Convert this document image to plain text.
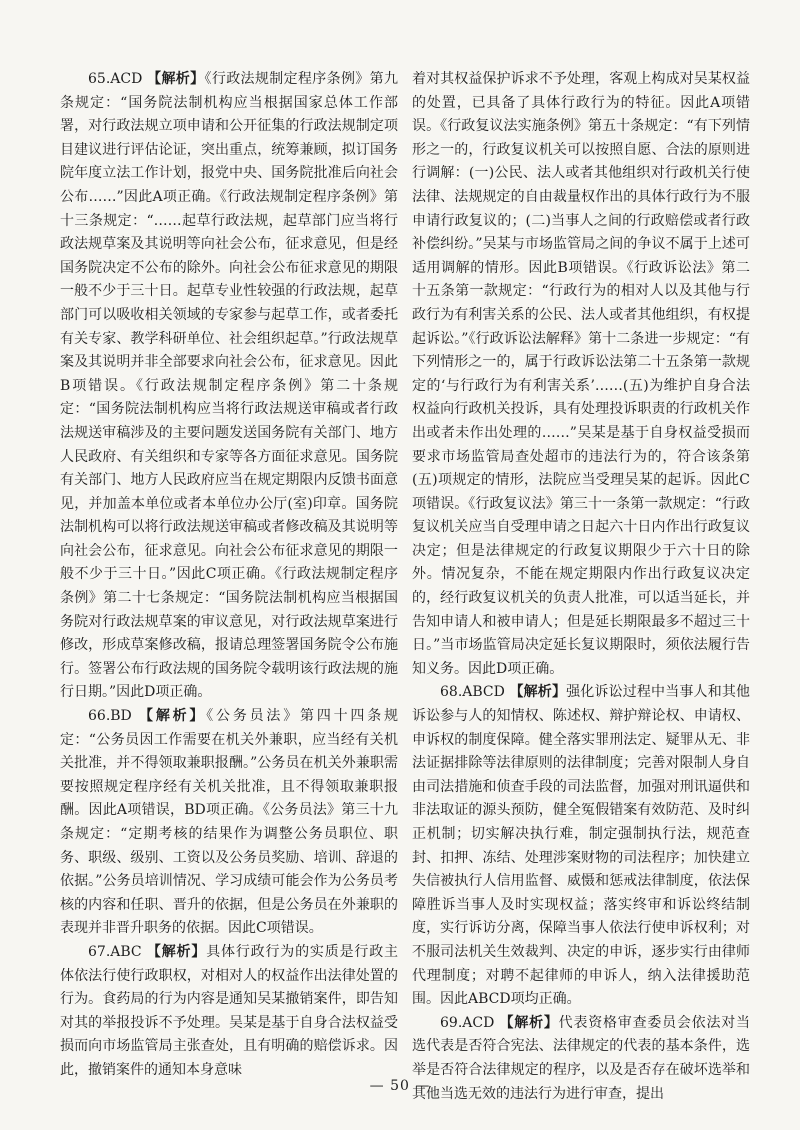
65.ACD 【解析】《行政法规制定程序条例》第九条规定：“国务院法制机构应当根据国家总体工作部署，对行政法规立项申请和公开征集的行政法规制定项目建议进行评估论证，突出重点，统筹兼顾，拟订国务院年度立法工作计划，报党中央、国务院批准后向社会公布……”因此A项正确。《行政法规制定程序条例》第十三条规定：“……起草行政法规，起草部门应当将行政法规草案及其说明等向社会公布，征求意见，但是经国务院决定不公布的除外。向社会公布征求意见的期限一般不少于三十日。起草专业性较强的行政法规，起草部门可以吸收相关领域的专家参与起草工作，或者委托有关专家、教学科研单位、社会组织起草。”行政法规草案及其说明并非全部要求向社会公布，征求意见。因此B项错误。《行政法规制定程序条例》第二十条规定：“国务院法制机构应当将行政法规送审稿或者行政法规送审稿涉及的主要问题发送国务院有关部门、地方人民政府、有关组织和专家等各方面征求意见。国务院有关部门、地方人民政府应当在规定期限内反馈书面意见，并加盖本单位或者本单位办公厅(室)印章。国务院法制机构可以将行政法规送审稿或者修改稿及其说明等向社会公布，征求意见。向社会公布征求意见的期限一般不少于三十日。”因此C项正确。《行政法规制定程序条例》第二十七条规定：“国务院法制机构应当根据国务院对行政法规草案的审议意见，对行政法规草案进行修改，形成草案修改稿，报请总理签署国务院令公布施行。签署公布行政法规的国务院令载明该行政法规的施行日期。”因此D项正确。

66.BD 【解析】《公务员法》第四十四条规定：“公务员因工作需要在机关外兼职，应当经有关机关批准，并不得领取兼职报酬。”公务员在机关外兼职需要按照规定程序经有关机关批准，且不得领取兼职报酬。因此A项错误，BD项正确。《公务员法》第三十九条规定：“定期考核的结果作为调整公务员职位、职务、职级、级别、工资以及公务员奖励、培训、辞退的依据。”公务员培训情况、学习成绩可能会作为公务员考核的内容和任职、晋升的依据，但是公务员在外兼职的表现并非晋升职务的依据。因此C项错误。

67.ABC 【解析】具体行政行为的实质是行政主体依法行使行政职权，对相对人的权益作出法律处置的行为。食药局的行为内容是通知吴某撤销案件，即告知对其的举报投诉不予处理。吴某是基于自身合法权益受损而向市场监管局主张查处，且有明确的赔偿诉求。因此，撤销案件的通知本身意味

着对其权益保护诉求不予处理，客观上构成对吴某权益的处置，已具备了具体行政行为的特征。因此A项错误。《行政复议法实施条例》第五十条规定：“有下列情形之一的，行政复议机关可以按照自愿、合法的原则进行调解：(一)公民、法人或者其他组织对行政机关行使法律、法规规定的自由裁量权作出的具体行政行为不服申请行政复议的；(二)当事人之间的行政赔偿或者行政补偿纠纷。”吴某与市场监管局之间的争议不属于上述可适用调解的情形。因此B项错误。《行政诉讼法》第二十五条第一款规定：“行政行为的相对人以及其他与行政行为有利害关系的公民、法人或者其他组织，有权提起诉讼。”《行政诉讼法解释》第十二条进一步规定：“有下列情形之一的，属于行政诉讼法第二十五条第一款规定的‘与行政行为有利害关系’……(五)为维护自身合法权益向行政机关投诉，具有处理投诉职责的行政机关作出或者未作出处理的……”吴某是基于自身权益受损而要求市场监管局查处超市的违法行为的，符合该条第(五)项规定的情形，法院应当受理吴某的起诉。因此C项错误。《行政复议法》第三十一条第一款规定：“行政复议机关应当自受理申请之日起六十日内作出行政复议决定；但是法律规定的行政复议期限少于六十日的除外。情况复杂，不能在规定期限内作出行政复议决定的，经行政复议机关的负责人批准，可以适当延长，并告知申请人和被申请人；但是延长期限最多不超过三十日。”当市场监管局决定延长复议期限时，须依法履行告知义务。因此D项正确。

68.ABCD 【解析】强化诉讼过程中当事人和其他诉讼参与人的知情权、陈述权、辩护辩论权、申请权、申诉权的制度保障。健全落实罪刑法定、疑罪从无、非法证据排除等法律原则的法律制度；完善对限制人身自由司法措施和侦查手段的司法监督，加强对刑讯逼供和非法取证的源头预防，健全冤假错案有效防范、及时纠正机制；切实解决执行难，制定强制执行法，规范查封、扣押、冻结、处理涉案财物的司法程序；加快建立失信被执行人信用监督、威慑和惩戒法律制度，依法保障胜诉当事人及时实现权益；落实终审和诉讼终结制度，实行诉访分离，保障当事人依法行使申诉权利；对不服司法机关生效裁判、决定的申诉，逐步实行由律师代理制度；对聘不起律师的申诉人，纳入法律援助范围。因此ABCD项均正确。

69.ACD 【解析】代表资格审查委员会依法对当选代表是否符合宪法、法律规定的代表的基本条件，选举是否符合法律规定的程序，以及是否存在破坏选举和其他当选无效的违法行为进行审查，提出

— 50 —
